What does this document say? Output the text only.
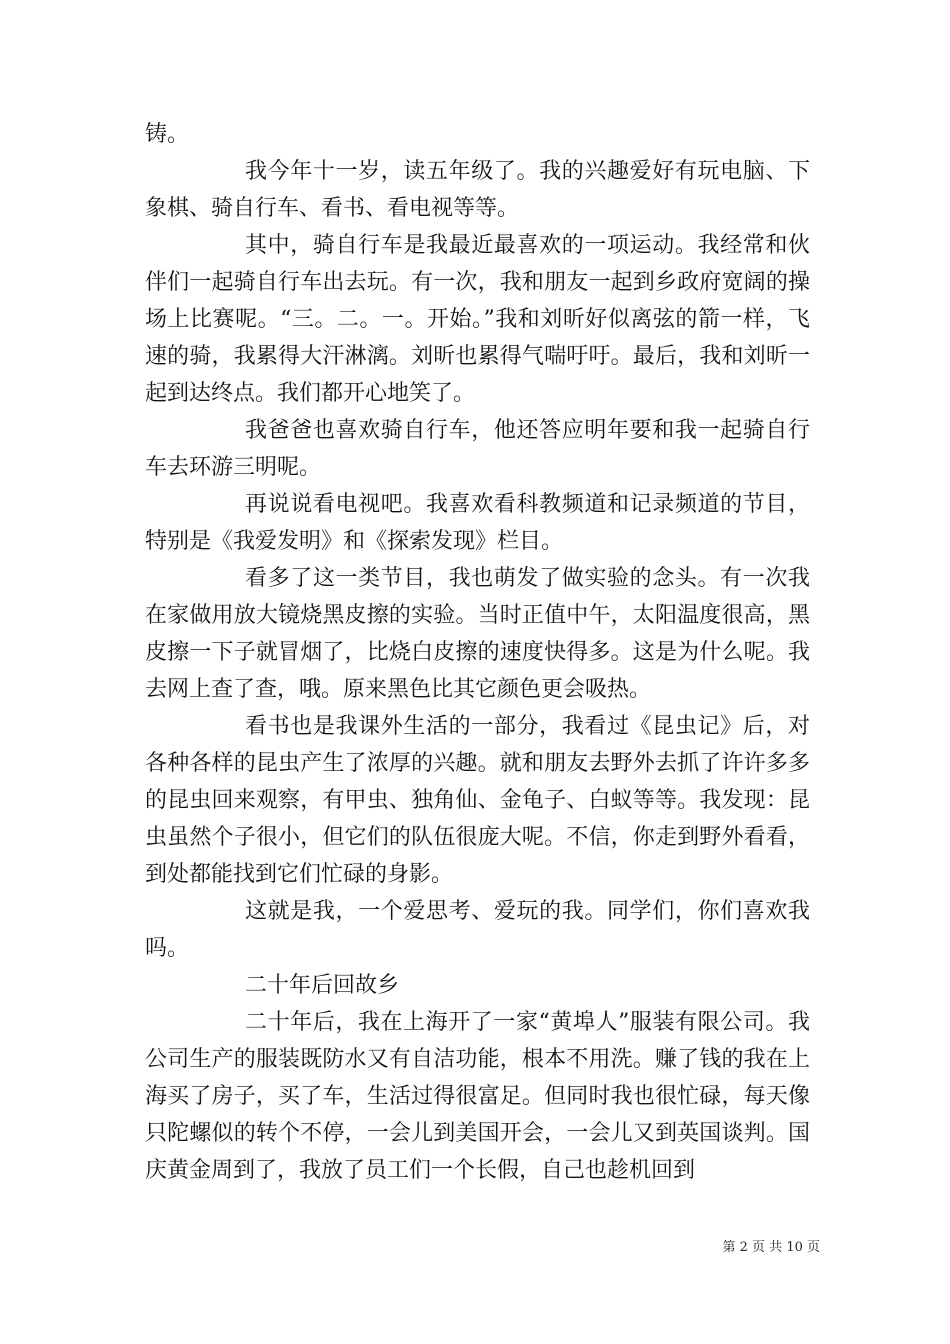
铸。

我今年十一岁，读五年级了。我的兴趣爱好有玩电脑、下象棋、骑自行车、看书、看电视等等。

其中，骑自行车是我最近最喜欢的一项运动。我经常和伙伴们一起骑自行车出去玩。有一次，我和朋友一起到乡政府宽阔的操场上比赛呢。“三。二。一。开始。”我和刘昕好似离弦的箭一样，飞速的骑，我累得大汗淋漓。刘昕也累得气喘吁吁。最后，我和刘昕一起到达终点。我们都开心地笑了。

我爸爸也喜欢骑自行车，他还答应明年要和我一起骑自行车去环游三明呢。

再说说看电视吧。我喜欢看科教频道和记录频道的节目，特别是《我爱发明》和《探索发现》栏目。

看多了这一类节目，我也萌发了做实验的念头。有一次我在家做用放大镜烧黑皮擦的实验。当时正值中午，太阳温度很高，黑皮擦一下子就冒烟了，比烧白皮擦的速度快得多。这是为什么呢。我去网上查了查，哦。原来黑色比其它颜色更会吸热。

看书也是我课外生活的一部分，我看过《昆虫记》后，对各种各样的昆虫产生了浓厚的兴趣。就和朋友去野外去抓了许许多多的昆虫回来观察，有甲虫、独角仙、金龟子、白蚁等等。我发现：昆虫虽然个子很小，但它们的队伍很庞大呢。不信，你走到野外看看，到处都能找到它们忙碌的身影。

这就是我，一个爱思考、爱玩的我。同学们，你们喜欢我吗。

二十年后回故乡

二十年后，我在上海开了一家“黄埠人”服装有限公司。我公司生产的服装既防水又有自洁功能，根本不用洗。赚了钱的我在上海买了房子，买了车，生活过得很富足。但同时我也很忙碌，每天像只陀螺似的转个不停，一会儿到美国开会，一会儿又到英国谈判。国庆黄金周到了，我放了员工们一个长假，自己也趁机回到

第 2 页 共 10 页
